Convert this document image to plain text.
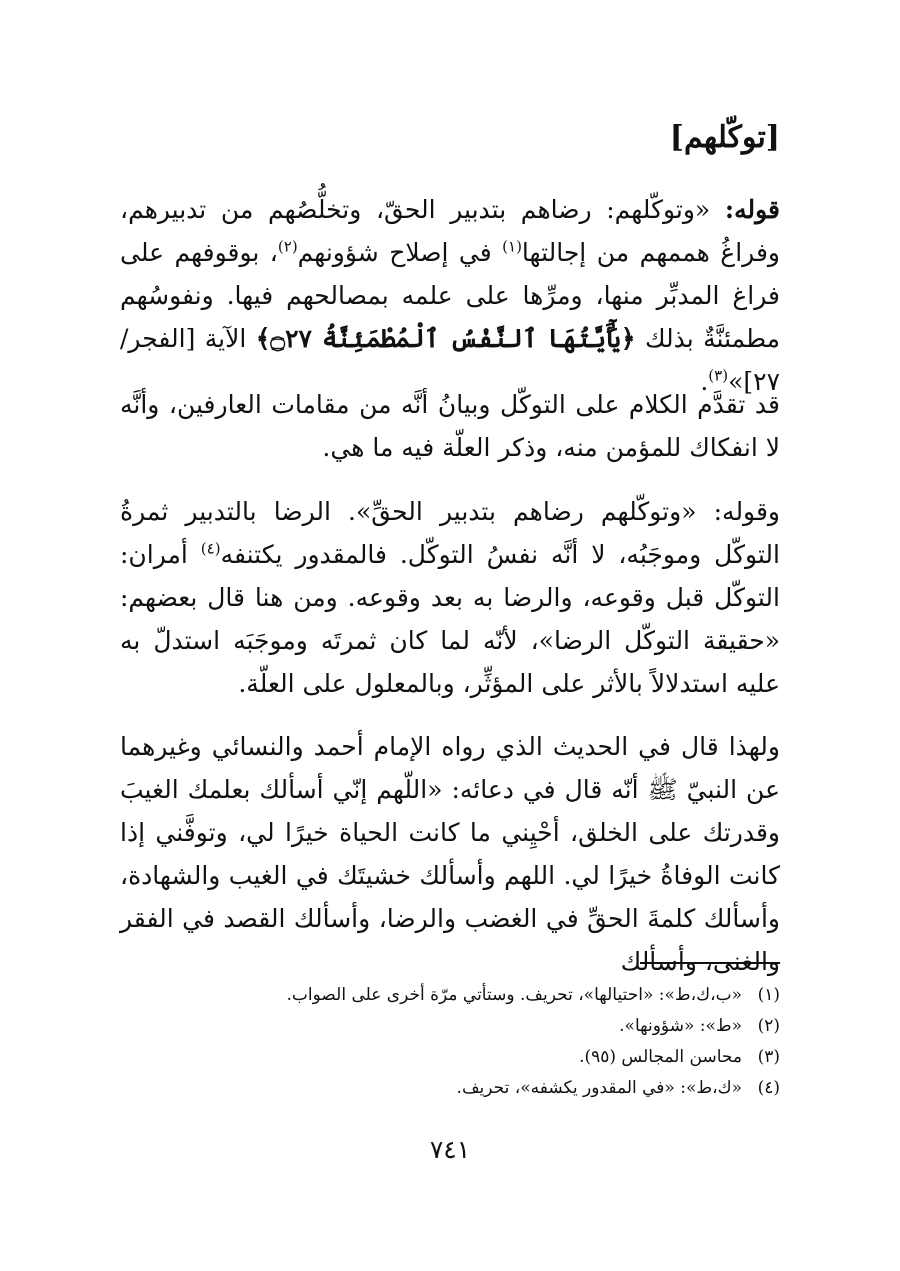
[توكّلهم]

قوله: «وتوكّلهم: رضاهم بتدبير الحقّ، وتخلُّصُهم من تدبيرهم، وفراغُ هممهم من إجالتها$^{(١)}$ في إصلاح شؤونهم$^{(٢)}$، بوقوفهم على فراغ المدبِّر منها، ومرِّها على علمه بمصالحهم فيها. ونفوسُهم مطمئنَّةٌ بذلك ﴿يَٰٓأَيَّتُهَا ٱلنَّفْسُ ٱلْمُطْمَئِنَّةُ ۝٢٧﴾ الآية [الفجر/ ٢٧]»$^{(٣)}$.

قد تقدَّم الكلام على التوكّل وبيانُ أنَّه من مقامات العارفين، وأنَّه لا انفكاك للمؤمن منه، وذكر العلّة فيه ما هي.

وقوله: «وتوكّلهم رضاهم بتدبير الحقِّ». الرضا بالتدبير ثمرةُ التوكّل وموجَبُه، لا أنَّه نفسُ التوكّل. فالمقدور يكتنفه$^{(٤)}$ أمران: التوكّل قبل وقوعه، والرضا به بعد وقوعه. ومن هنا قال بعضهم: «حقيقة التوكّل الرضا»، لأنّه لما كان ثمرتَه وموجَبَه استدلّ به عليه استدلالاً بالأثر على المؤثِّر، وبالمعلول على العلّة.

ولهذا قال في الحديث الذي رواه الإمام أحمد والنسائي وغيرهما عن النبيّ ﷺ أنّه قال في دعائه: «اللّهم إنّي أسألك بعلمك الغيبَ وقدرتك على الخلق، أحْيِني ما كانت الحياة خيرًا لي، وتوفَّني إذا كانت الوفاةُ خيرًا لي. اللهم وأسألك خشيتَك في الغيب والشهادة، وأسألك كلمةَ الحقِّ في الغضب والرضا، وأسألك القصد في الفقر والغنى، وأسألك

(١)«ب،ك،ط»: «احتيالها»، تحريف. وستأتي مرّة أخرى على الصواب.
(٢)«ط»: «شؤونها».
(٣)محاسن المجالس (٩٥).
(٤)«ك،ط»: «في المقدور يكشفه»، تحريف.
٧٤١
